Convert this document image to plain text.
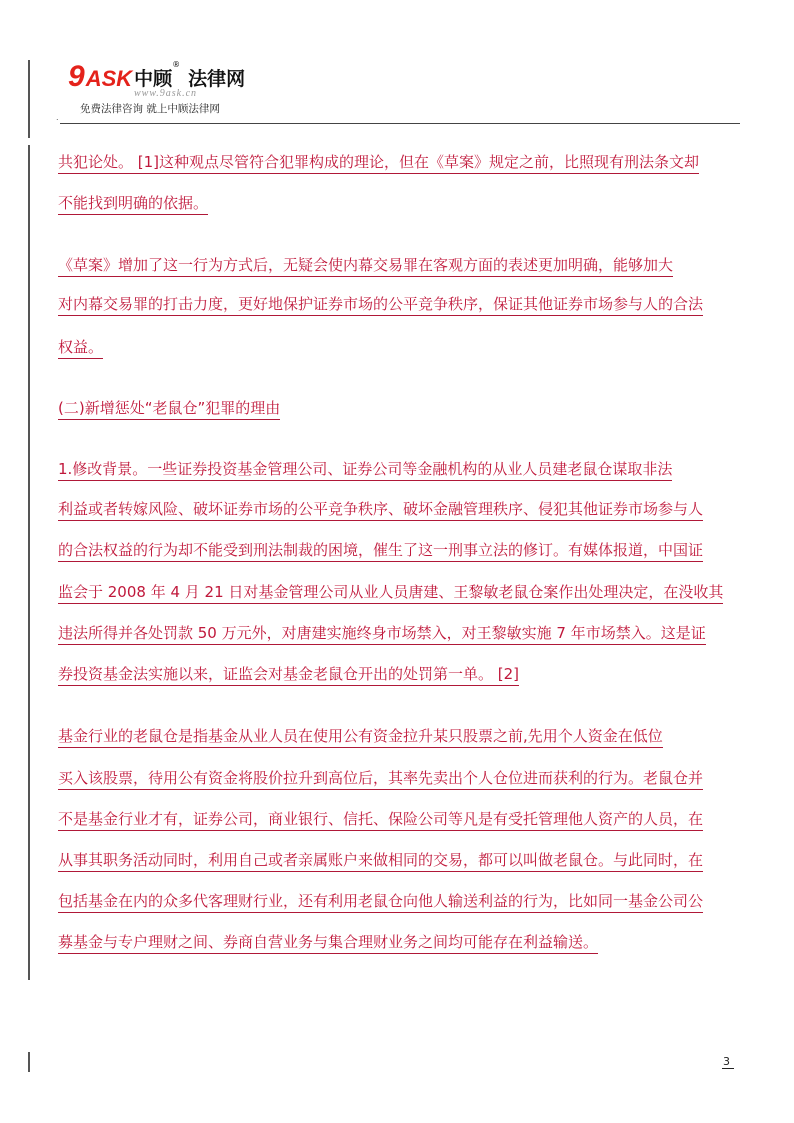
9 ASK 中顾
®
法律网
www.9ask.cn
免费法律咨询 就上中顾法律网
.
共犯论处。 [1]这种观点尽管符合犯罪构成的理论，但在《草案》规定之前，比照现有刑法条文却
不能找到明确的依据。
《草案》增加了这一行为方式后，无疑会使内幕交易罪在客观方面的表述更加明确，能够加大
对内幕交易罪的打击力度，更好地保护证券市场的公平竞争秩序，保证其他证券市场参与人的合法
权益。
(二)新增惩处“老鼠仓”犯罪的理由
1.修改背景。一些证券投资基金管理公司、证券公司等金融机构的从业人员建老鼠仓谋取非法
利益或者转嫁风险、破坏证券市场的公平竞争秩序、破坏金融管理秩序、侵犯其他证券市场参与人
的合法权益的行为却不能受到刑法制裁的困境，催生了这一刑事立法的修订。有媒体报道，中国证
监会于 2008 年 4 月 21 日对基金管理公司从业人员唐建、王黎敏老鼠仓案作出处理决定，在没收其
违法所得并各处罚款 50 万元外，对唐建实施终身市场禁入，对王黎敏实施 7 年市场禁入。这是证
券投资基金法实施以来，证监会对基金老鼠仓开出的处罚第一单。 [2]
基金行业的老鼠仓是指基金从业人员在使用公有资金拉升某只股票之前,先用个人资金在低位
买入该股票，待用公有资金将股价拉升到高位后，其率先卖出个人仓位进而获利的行为。老鼠仓并
不是基金行业才有，证券公司，商业银行、信托、保险公司等凡是有受托管理他人资产的人员，在
从事其职务活动同时，利用自己或者亲属账户来做相同的交易，都可以叫做老鼠仓。与此同时，在
包括基金在内的众多代客理财行业，还有利用老鼠仓向他人输送利益的行为，比如同一基金公司公
募基金与专户理财之间、券商自营业务与集合理财业务之间均可能存在利益输送。
3
